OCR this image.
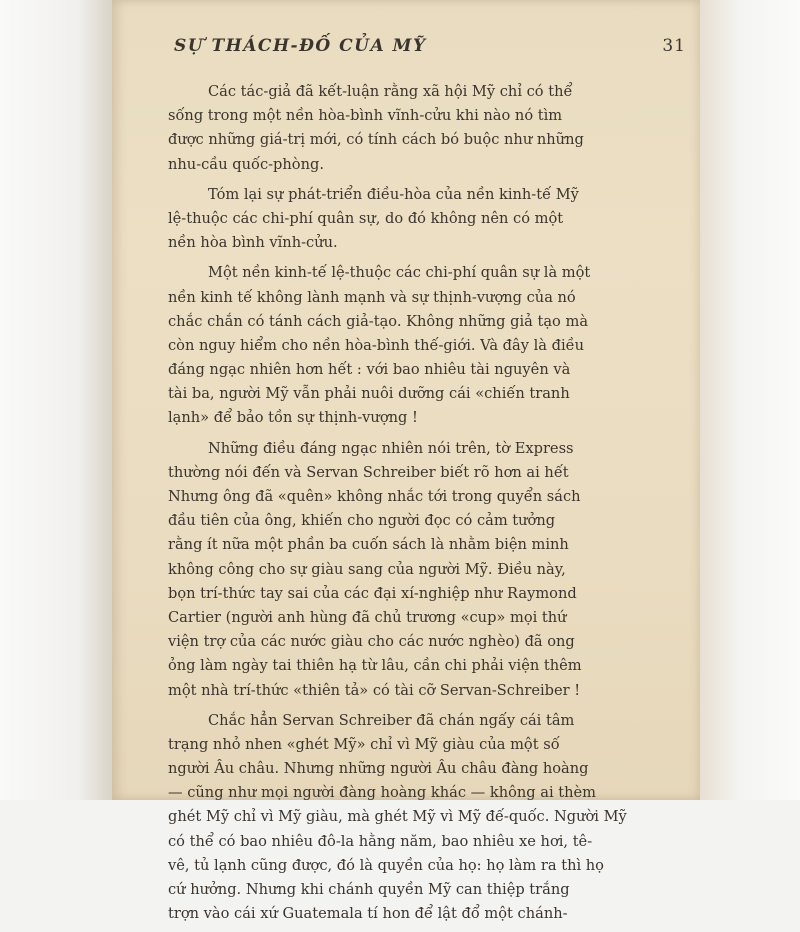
SỰ THÁCH-ĐỐ CỦA MỸ	31
Các tác-giả đã kết-luận rằng xã hội Mỹ chỉ có thể
sống trong một nền hòa-bình vĩnh-cửu khi nào nó tìm
được những giá-trị mới, có tính cách bó buộc như những
nhu-cầu quốc-phòng.
Tóm lại sự phát-triển điều-hòa của nền kinh-tế Mỹ
lệ-thuộc các chi-phí quân sự, do đó không nên có một
nền hòa bình vĩnh-cửu.
Một nền kinh-tế lệ-thuộc các chi-phí quân sự là một
nền kinh tế không lành mạnh và sự thịnh-vượng của nó
chắc chắn có tánh cách giả-tạo. Không những giả tạo mà
còn nguy hiểm cho nền hòa-bình thế-giới. Và đây là điều
đáng ngạc nhiên hơn hết : với bao nhiêu tài nguyên và
tài ba, người Mỹ vẫn phải nuôi dưỡng cái «chiến tranh
lạnh» để bảo tồn sự thịnh-vượng !
Những điều đáng ngạc nhiên nói trên, tờ Express
thường nói đến và Servan Schreiber biết rõ hơn ai hết
Nhưng ông đã «quên» không nhắc tới trong quyển sách
đầu tiên của ông, khiến cho người đọc có cảm tưởng
rằng ít nữa một phần ba cuốn sách là nhằm biện minh
không công cho sự giàu sang của người Mỹ. Điều này,
bọn trí-thức tay sai của các đại xí-nghiệp như Raymond
Cartier (người anh hùng đã chủ trương «cup» mọi thứ
viện trợ của các nước giàu cho các nước nghèo) đã ong
ỏng làm ngày tai thiên hạ từ lâu, cần chi phải viện thêm
một nhà trí-thức «thiên tả» có tài cỡ Servan-Schreiber !
Chắc hẳn Servan Schreiber đã chán ngấy cái tâm
trạng nhỏ nhen «ghét Mỹ» chỉ vì Mỹ giàu của một số
người Âu châu. Nhưng những người Âu châu đàng hoàng
— cũng như mọi người đàng hoàng khác — không ai thèm
ghét Mỹ chỉ vì Mỹ giàu, mà ghét Mỹ vì Mỹ đế-quốc. Người Mỹ
có thể có bao nhiêu đô-la hằng năm, bao nhiêu xe hơi, tê-
vê, tủ lạnh cũng được, đó là quyền của họ: họ làm ra thì họ
cứ hưởng. Nhưng khi chánh quyền Mỹ can thiệp trắng
trợn vào cái xứ Guatemala tí hon để lật đổ một chánh-
